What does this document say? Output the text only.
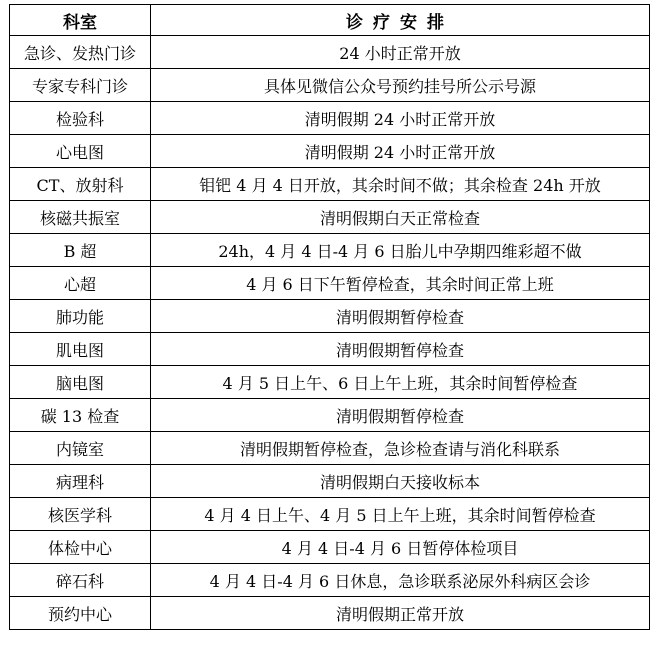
科室	诊疗安排
急诊、发热门诊	24 小时正常开放
专家专科门诊	具体见微信公众号预约挂号所公示号源
检验科	清明假期 24 小时正常开放
心电图	清明假期 24 小时正常开放
CT、放射科	钼钯 4 月 4 日开放，其余时间不做；其余检查 24h 开放
核磁共振室	清明假期白天正常检查
B 超	24h，4 月 4 日-4 月 6 日胎儿中孕期四维彩超不做
心超	4 月 6 日下午暂停检查，其余时间正常上班
肺功能	清明假期暂停检查
肌电图	清明假期暂停检查
脑电图	4 月 5 日上午、6 日上午上班，其余时间暂停检查
碳 13 检查	清明假期暂停检查
内镜室	清明假期暂停检查，急诊检查请与消化科联系
病理科	清明假期白天接收标本
核医学科	4 月 4 日上午、4 月 5 日上午上班，其余时间暂停检查
体检中心	4 月 4 日-4 月 6 日暂停体检项目
碎石科	4 月 4 日-4 月 6 日休息，急诊联系泌尿外科病区会诊
预约中心	清明假期正常开放
